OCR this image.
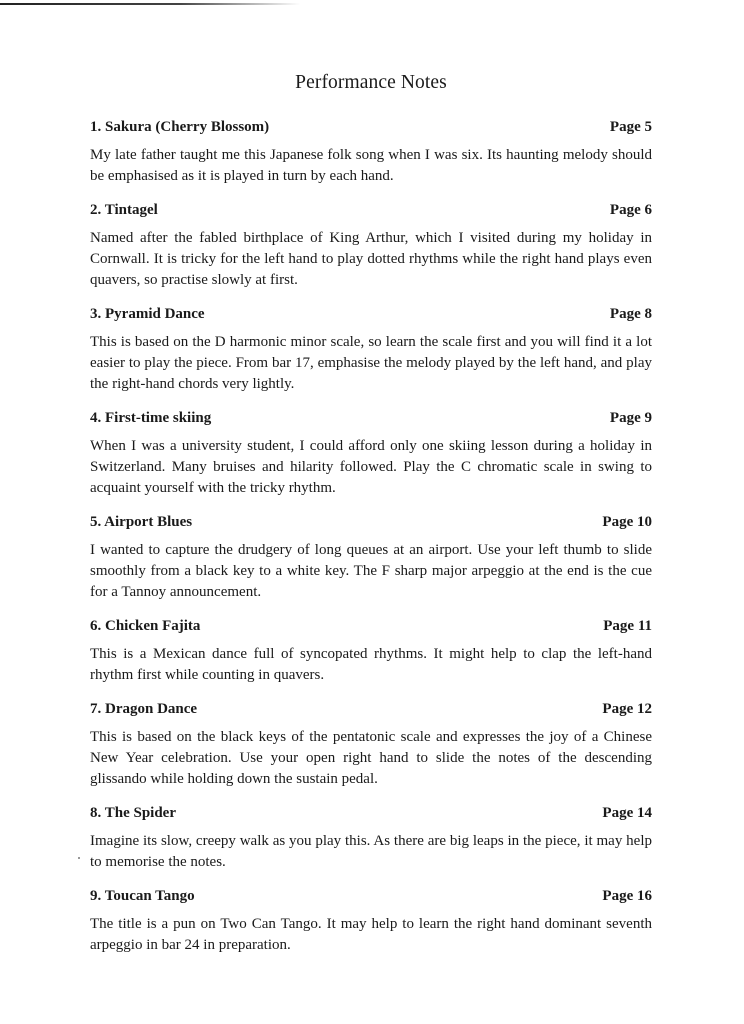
Performance Notes
1. Sakura (Cherry Blossom)	Page 5

My late father taught me this Japanese folk song when I was six. Its haunting melody should be emphasised as it is played in turn by each hand.

2. Tintagel	Page 6

Named after the fabled birthplace of King Arthur, which I visited during my holiday in Cornwall. It is tricky for the left hand to play dotted rhythms while the right hand plays even quavers, so practise slowly at first.

3. Pyramid Dance	Page 8

This is based on the D harmonic minor scale, so learn the scale first and you will find it a lot easier to play the piece. From bar 17, emphasise the melody played by the left hand, and play the right-hand chords very lightly.

4. First-time skiing	Page 9

When I was a university student, I could afford only one skiing lesson during a holiday in Switzerland. Many bruises and hilarity followed. Play the C chromatic scale in swing to acquaint yourself with the tricky rhythm.

5. Airport Blues	Page 10

I wanted to capture the drudgery of long queues at an airport. Use your left thumb to slide smoothly from a black key to a white key. The F sharp major arpeggio at the end is the cue for a Tannoy announcement.

6. Chicken Fajita	Page 11

This is a Mexican dance full of syncopated rhythms. It might help to clap the left-hand rhythm first while counting in quavers.

7. Dragon Dance	Page 12

This is based on the black keys of the pentatonic scale and expresses the joy of a Chinese New Year celebration. Use your open right hand to slide the notes of the descending glissando while holding down the sustain pedal.

8. The Spider	Page 14

Imagine its slow, creepy walk as you play this. As there are big leaps in the piece, it may help to memorise the notes.

9. Toucan Tango	Page 16

The title is a pun on Two Can Tango. It may help to learn the right hand dominant seventh arpeggio in bar 24 in preparation.
